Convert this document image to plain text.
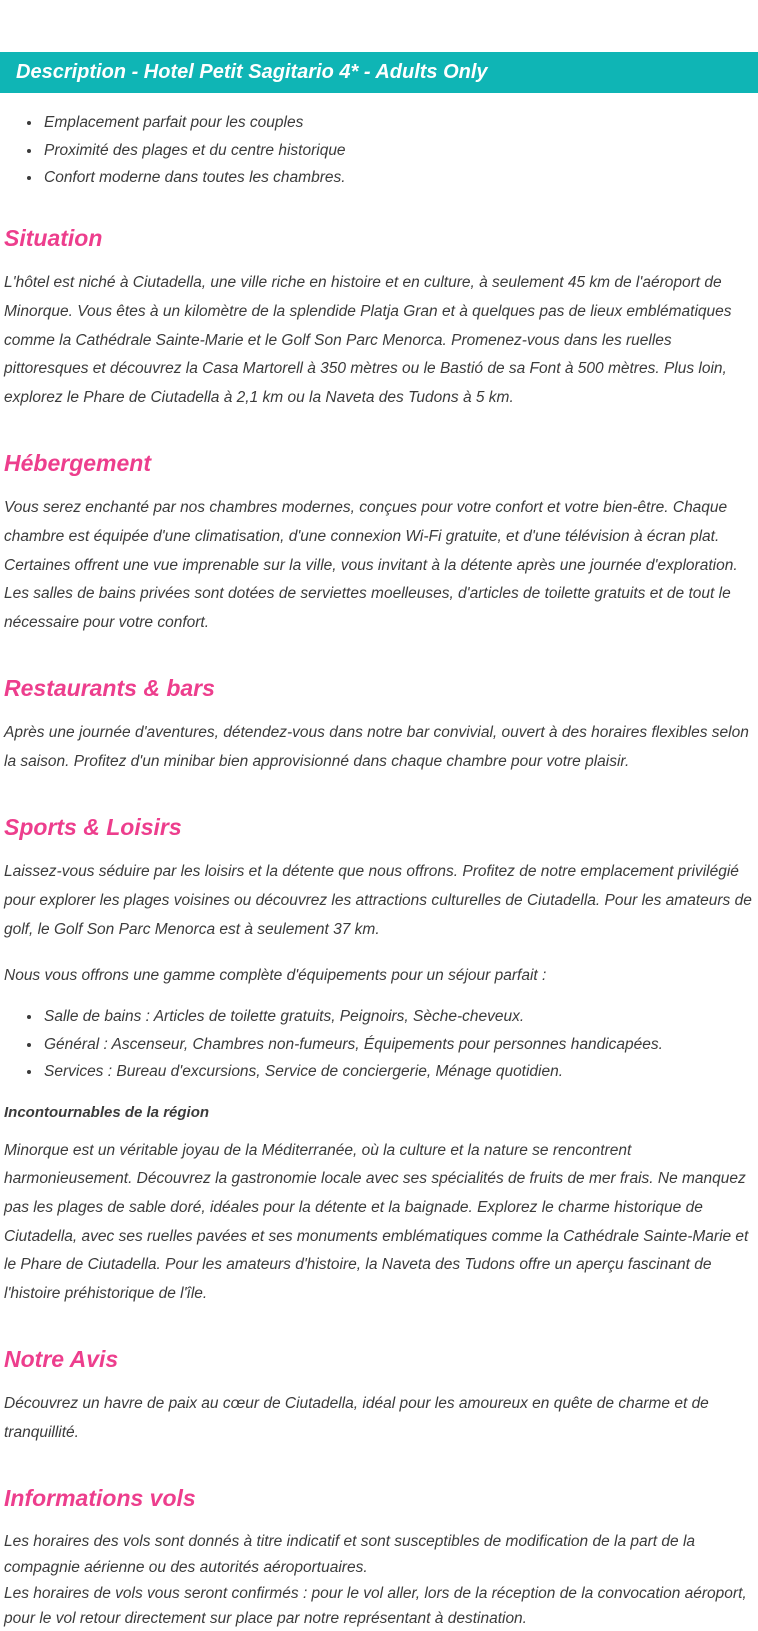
Description - Hotel Petit Sagitario 4* - Adults Only
• Emplacement parfait pour les couples
• Proximité des plages et du centre historique
• Confort moderne dans toutes les chambres.
Situation

L'hôtel est niché à Ciutadella, une ville riche en histoire et en culture, à seulement 45 km de l'aéroport de Minorque. Vous êtes à un kilomètre de la splendide Platja Gran et à quelques pas de lieux emblématiques comme la Cathédrale Sainte-Marie et le Golf Son Parc Menorca. Promenez-vous dans les ruelles pittoresques et découvrez la Casa Martorell à 350 mètres ou le Bastió de sa Font à 500 mètres. Plus loin, explorez le Phare de Ciutadella à 2,1 km ou la Naveta des Tudons à 5 km.

Hébergement

Vous serez enchanté par nos chambres modernes, conçues pour votre confort et votre bien-être. Chaque chambre est équipée d'une climatisation, d'une connexion Wi-Fi gratuite, et d'une télévision à écran plat. Certaines offrent une vue imprenable sur la ville, vous invitant à la détente après une journée d'exploration. Les salles de bains privées sont dotées de serviettes moelleuses, d'articles de toilette gratuits et de tout le nécessaire pour votre confort.

Restaurants & bars

Après une journée d'aventures, détendez-vous dans notre bar convivial, ouvert à des horaires flexibles selon la saison. Profitez d'un minibar bien approvisionné dans chaque chambre pour votre plaisir.

Sports & Loisirs

Laissez-vous séduire par les loisirs et la détente que nous offrons. Profitez de notre emplacement privilégié pour explorer les plages voisines ou découvrez les attractions culturelles de Ciutadella. Pour les amateurs de golf, le Golf Son Parc Menorca est à seulement 37 km.

Nous vous offrons une gamme complète d'équipements pour un séjour parfait :

• Salle de bains : Articles de toilette gratuits, Peignoirs, Sèche-cheveux.
• Général : Ascenseur, Chambres non-fumeurs, Équipements pour personnes handicapées.
• Services : Bureau d'excursions, Service de conciergerie, Ménage quotidien.

Incontournables de la région

Minorque est un véritable joyau de la Méditerranée, où la culture et la nature se rencontrent harmonieusement. Découvrez la gastronomie locale avec ses spécialités de fruits de mer frais. Ne manquez pas les plages de sable doré, idéales pour la détente et la baignade. Explorez le charme historique de Ciutadella, avec ses ruelles pavées et ses monuments emblématiques comme la Cathédrale Sainte-Marie et le Phare de Ciutadella. Pour les amateurs d'histoire, la Naveta des Tudons offre un aperçu fascinant de l'histoire préhistorique de l'île.

Notre Avis

Découvrez un havre de paix au cœur de Ciutadella, idéal pour les amoureux en quête de charme et de tranquillité.

Informations vols

Les horaires des vols sont donnés à titre indicatif et sont susceptibles de modification de la part de la compagnie aérienne ou des autorités aéroportuaires.

Les horaires de vols vous seront confirmés : pour le vol aller, lors de la réception de la convocation aéroport, pour le vol retour directement sur place par notre représentant à destination.
